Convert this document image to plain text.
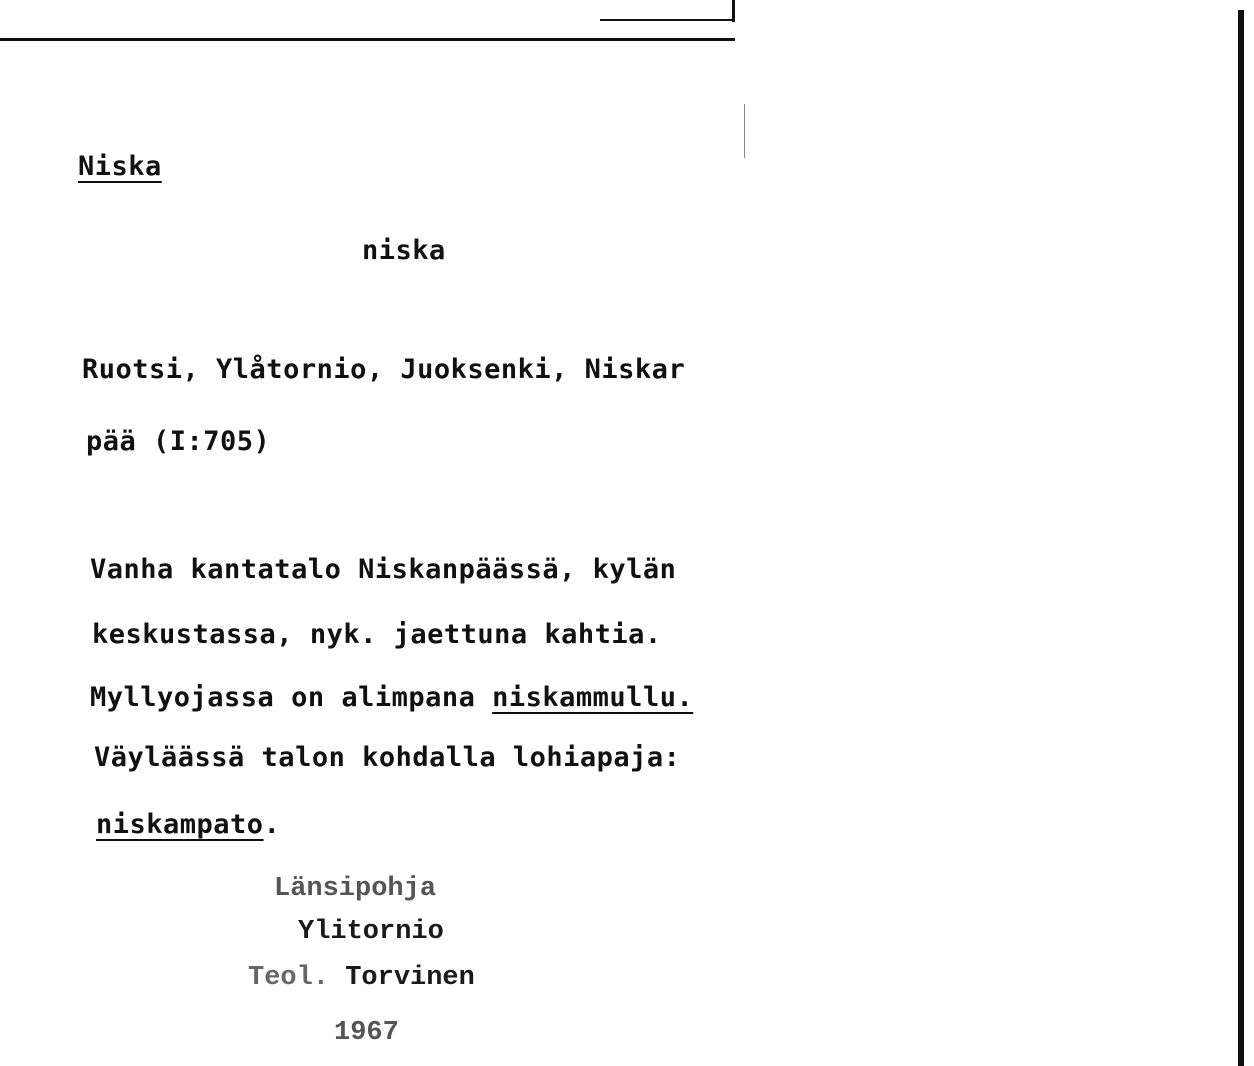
Niska
niska
Ruotsi, Ylåtornio, Juoksenki, Niskar
pää (I:705)
Vanha kantatalo Niskanpäässä, kylän
keskustassa, nyk. jaettuna kahtia.
Myllyojassa on alimpana niskammullu.
Väyläässä talon kohdalla lohiapaja:
niskampato.
Länsipohja
Ylitornio
Teol. Torvinen
1967
